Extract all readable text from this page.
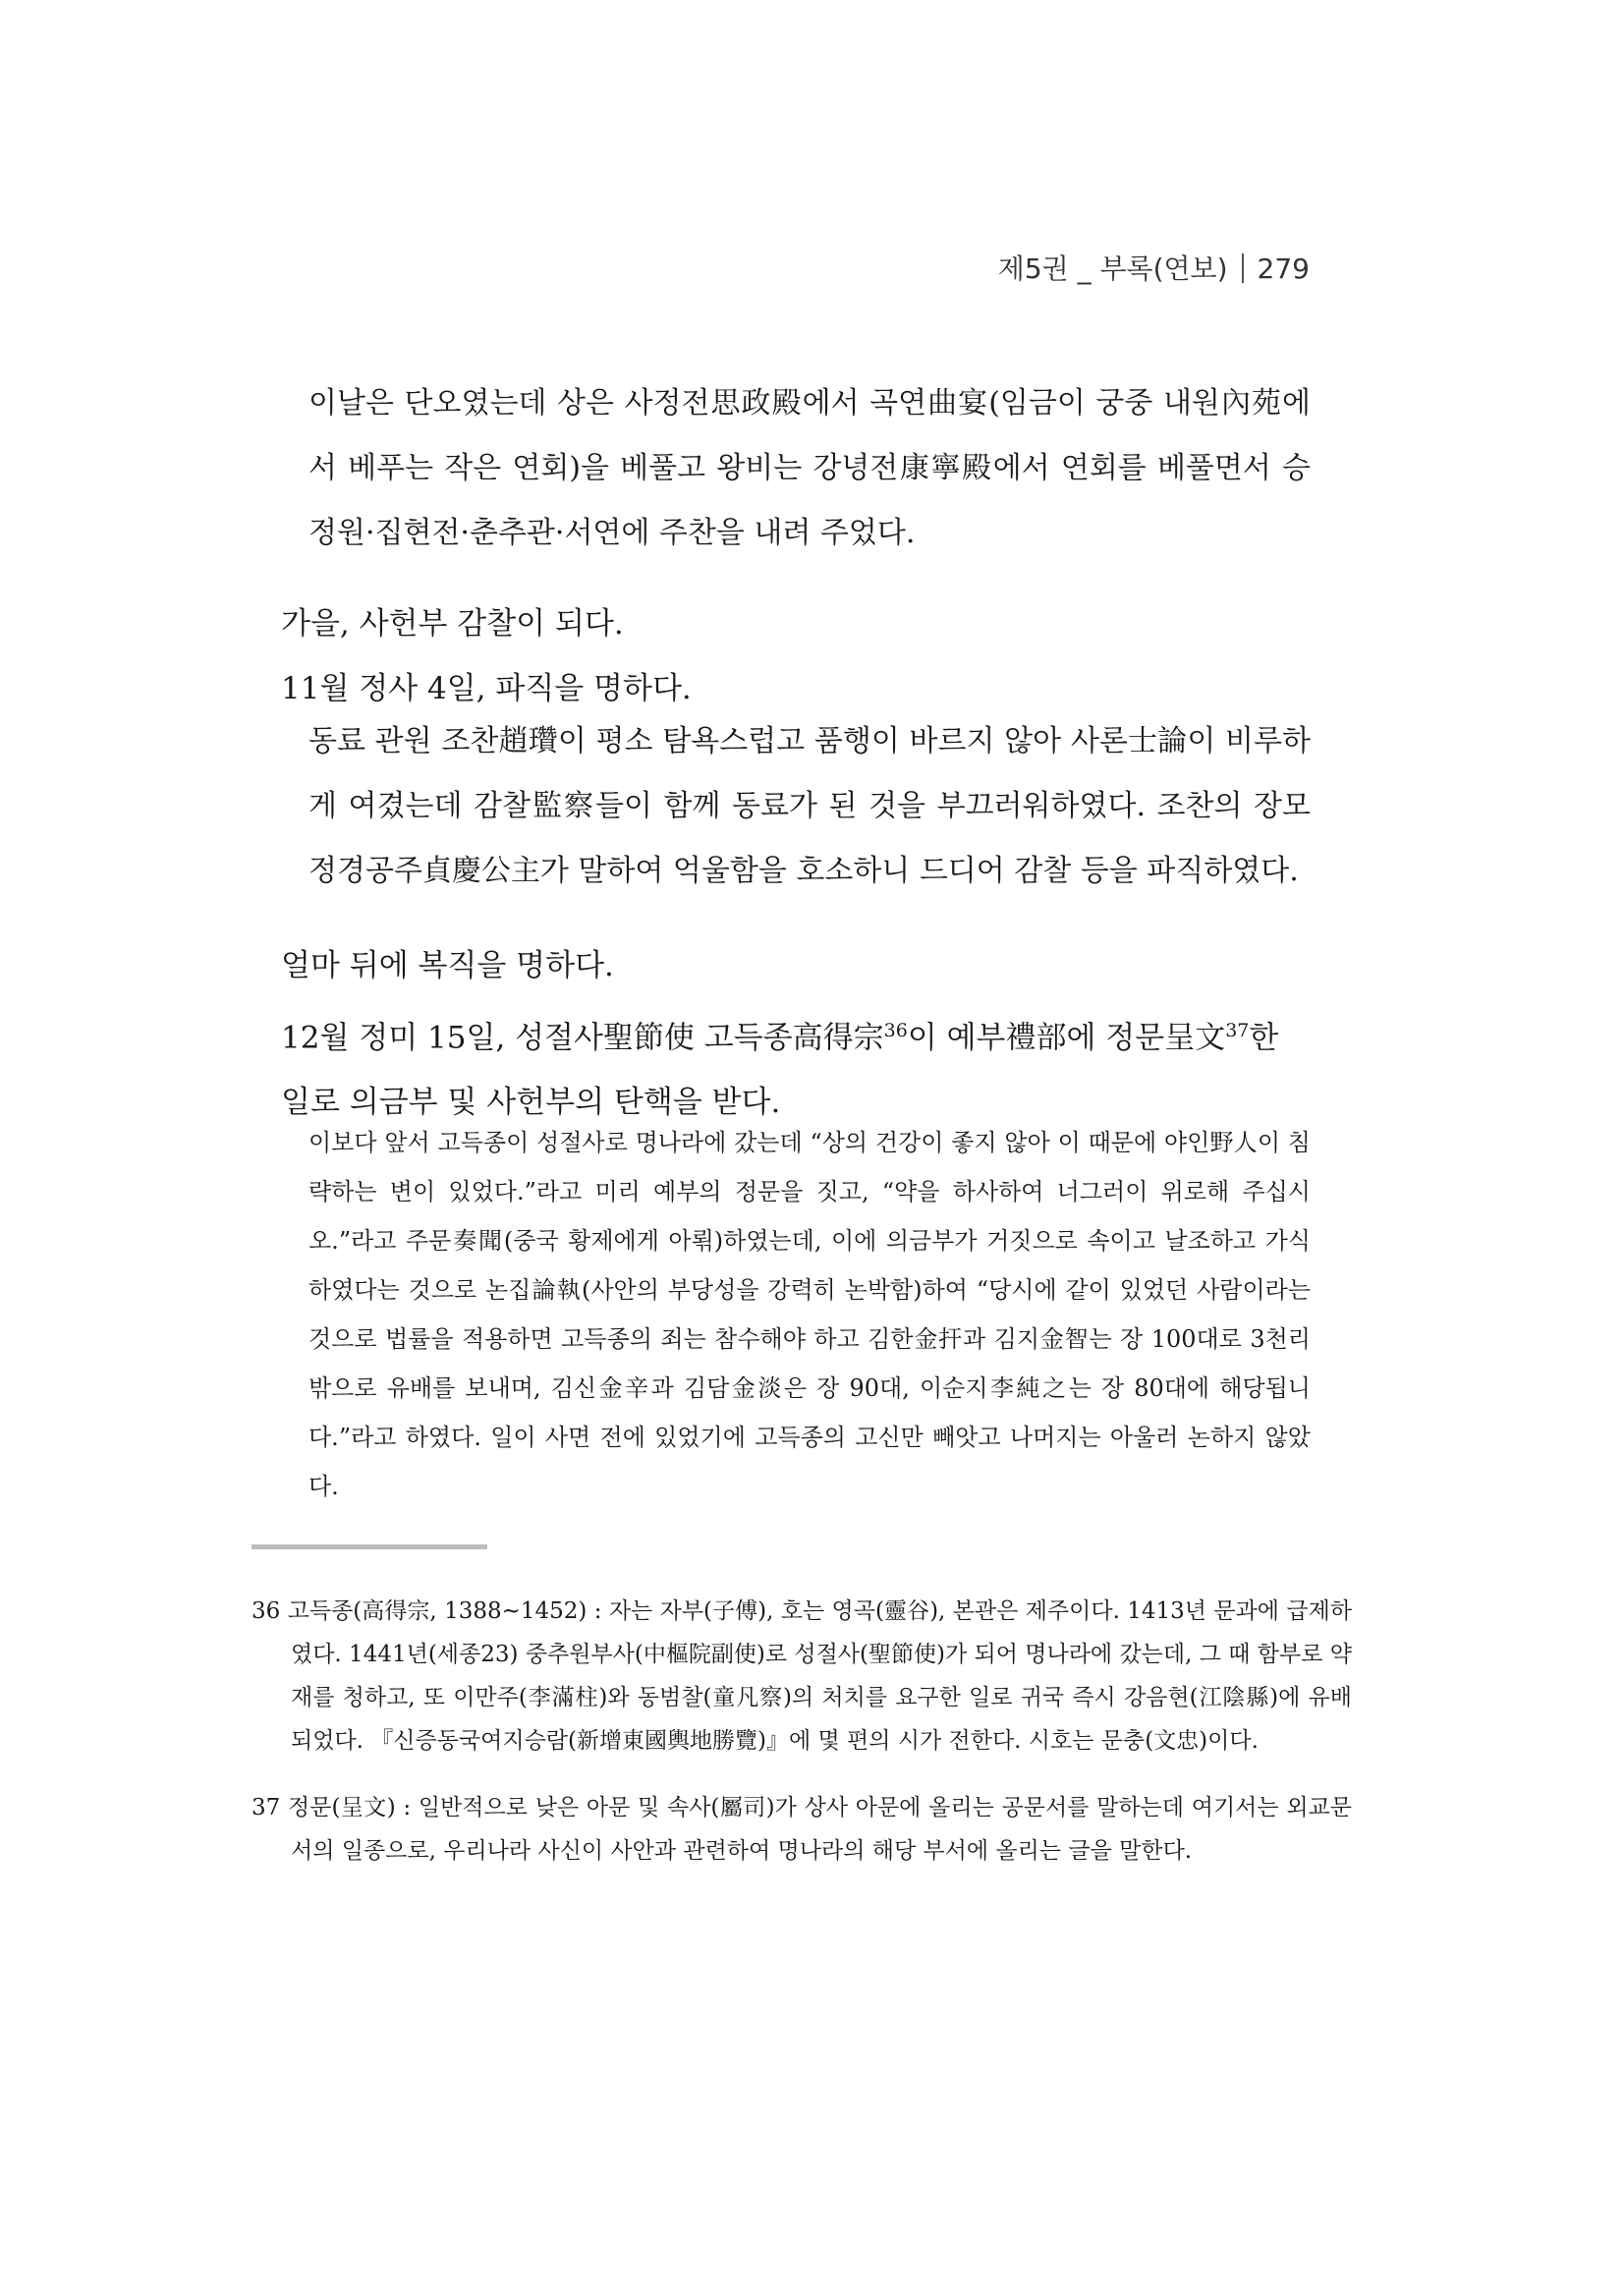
제5권 _ 부록(연보) 279

이날은 단오였는데 상은 사정전思政殿에서 곡연曲宴(임금이 궁중 내원內苑에서 베푸는 작은 연회)을 베풀고 왕비는 강녕전康寧殿에서 연회를 베풀면서 승정원·집현전·춘추관·서연에 주찬을 내려 주었다.

가을, 사헌부 감찰이 되다.

11월 정사 4일, 파직을 명하다.

동료 관원 조찬趙瓚이 평소 탐욕스럽고 품행이 바르지 않아 사론士論이 비루하게 여겼는데 감찰監察들이 함께 동료가 된 것을 부끄러워하였다. 조찬의 장모 정경공주貞慶公主가 말하여 억울함을 호소하니 드디어 감찰 등을 파직하였다.

얼마 뒤에 복직을 명하다.

12월 정미 15일, 성절사聖節使 고득종高得宗$^{36}$이 예부禮部에 정문呈文$^{37}$한 일로 의금부 및 사헌부의 탄핵을 받다.

이보다 앞서 고득종이 성절사로 명나라에 갔는데 “상의 건강이 좋지 않아 이 때문에 야인野人이 침략하는 변이 있었다.”라고 미리 예부의 정문을 짓고, “약을 하사하여 너그러이 위로해 주십시오.”라고 주문奏聞(중국 황제에게 아뢲)하였는데, 이에 의금부가 거짓으로 속이고 날조하고 가식하였다는 것으로 논집論執(사안의 부당성을 강력히 논박함)하여 “당시에 같이 있었던 사람이라는 것으로 법률을 적용하면 고득종의 죄는 참수해야 하고 김한金扞과 김지金智는 장 100대로 3천리 밖으로 유배를 보내며, 김신金辛과 김담金淡은 장 90대, 이순지李純之는 장 80대에 해당됩니다.”라고 하였다. 일이 사면 전에 있었기에 고득종의 고신만 빼앗고 나머지는 아울러 논하지 않았다.

36 고득종(高得宗, 1388~1452) : 자는 자부(子傅), 호는 영곡(靈谷), 본관은 제주이다. 1413년 문과에 급제하였다. 1441년(세종23) 중추원부사(中樞院副使)로 성절사(聖節使)가 되어 명나라에 갔는데, 그 때 함부로 약재를 청하고, 또 이만주(李滿柱)와 동범찰(童凡察)의 처치를 요구한 일로 귀국 즉시 강음현(江陰縣)에 유배되었다. 『신증동국여지승람(新增東國輿地勝覽)』에 몇 편의 시가 전한다. 시호는 문충(文忠)이다.

37 정문(呈文) : 일반적으로 낮은 아문 및 속사(屬司)가 상사 아문에 올리는 공문서를 말하는데 여기서는 외교문서의 일종으로, 우리나라 사신이 사안과 관련하여 명나라의 해당 부서에 올리는 글을 말한다.
